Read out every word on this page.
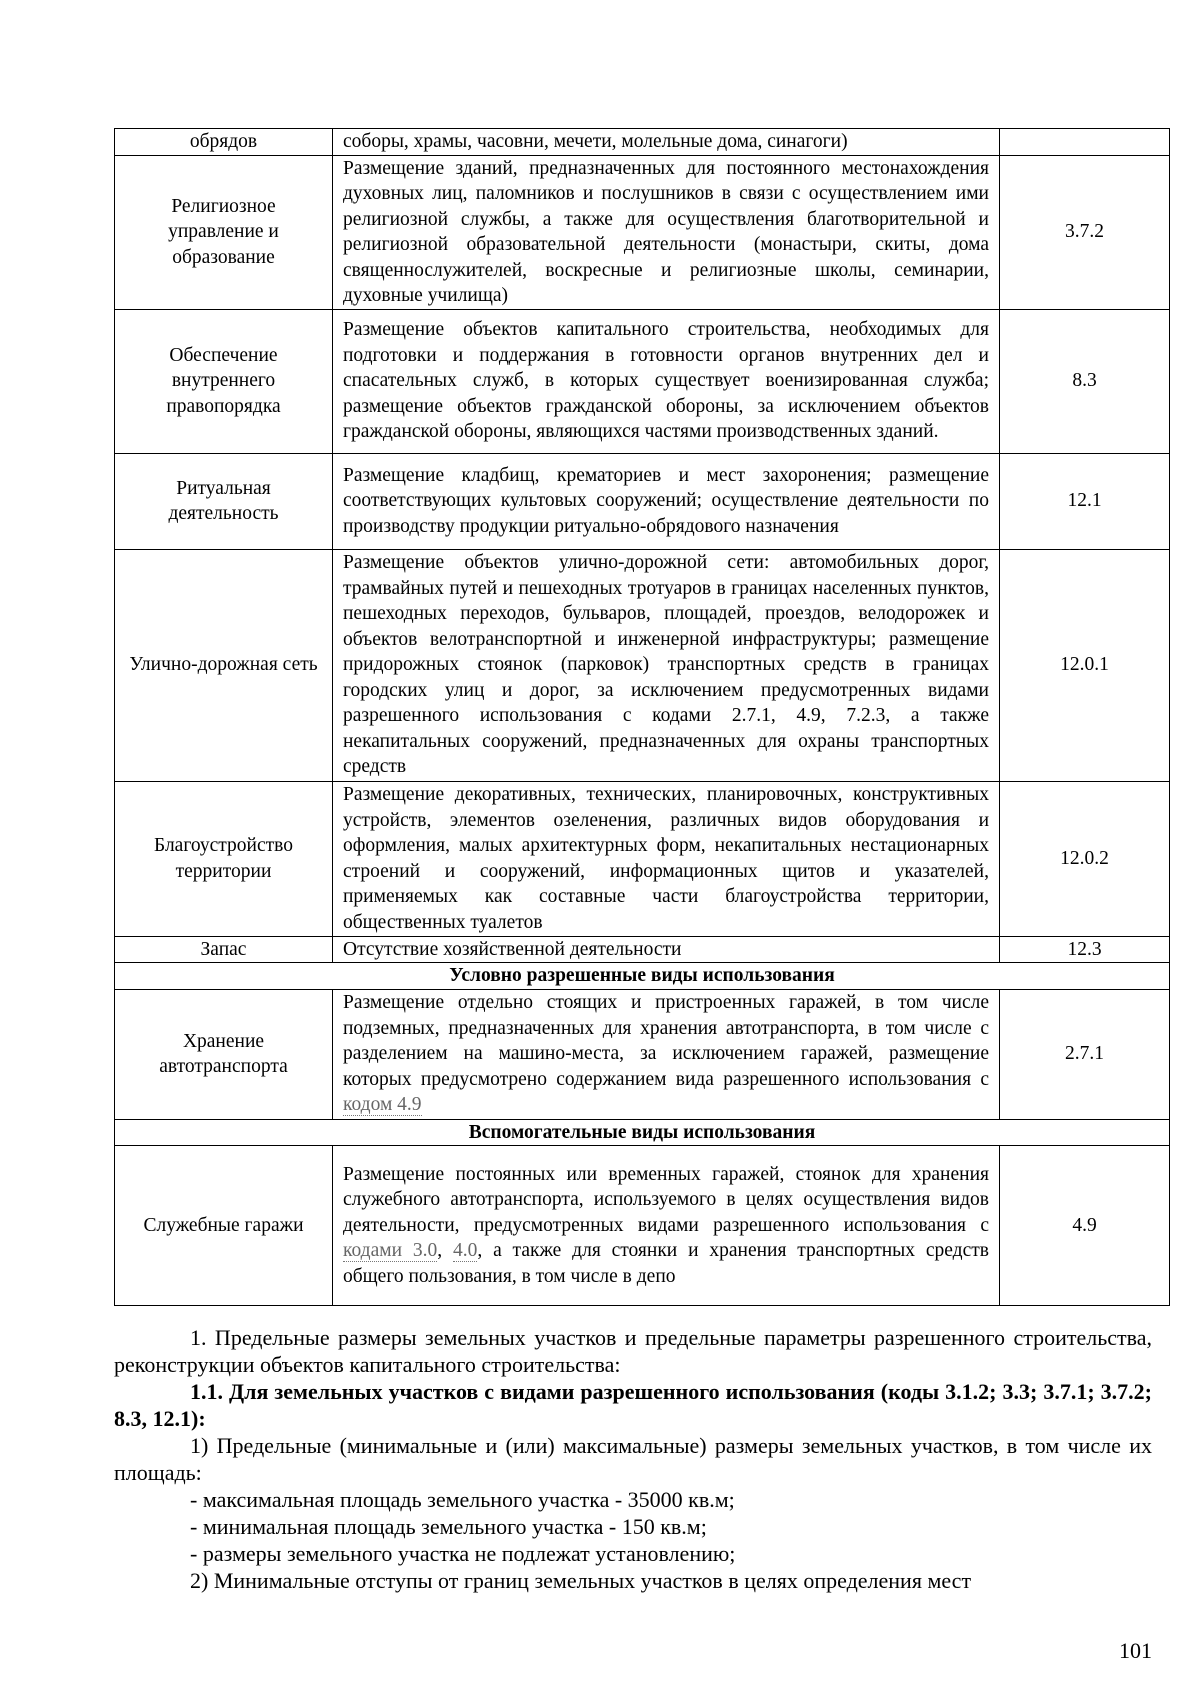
обрядов	соборы, храмы, часовни, мечети, молельные дома, синагоги)	
Религиозное управление и образование	Размещение зданий, предназначенных для постоянного местонахождения духовных лиц, паломников и послушников в связи с осуществлением ими религиозной службы, а также для осуществления благотворительной и религиозной образовательной деятельности (монастыри, скиты, дома священнослужителей, воскресные и религиозные школы, семинарии, духовные училища)	3.7.2
Обеспечение внутреннего правопорядка	Размещение объектов капитального строительства, необходимых для подготовки и поддержания в готовности органов внутренних дел и спасательных служб, в которых существует военизированная служба; размещение объектов гражданской обороны, за исключением объектов гражданской обороны, являющихся частями производственных зданий.	8.3
Ритуальная деятельность	Размещение кладбищ, крематориев и мест захоронения; размещение соответствующих культовых сооружений; осуществление деятельности по производству продукции ритуально-обрядового назначения	12.1
Улично-дорожная сеть	Размещение объектов улично-дорожной сети: автомобильных дорог, трамвайных путей и пешеходных тротуаров в границах населенных пунктов, пешеходных переходов, бульваров, площадей, проездов, велодорожек и объектов велотранспортной и инженерной инфраструктуры; размещение придорожных стоянок (парковок) транспортных средств в границах городских улиц и дорог, за исключением предусмотренных видами разрешенного использования с кодами 2.7.1, 4.9, 7.2.3, а также некапитальных сооружений, предназначенных для охраны транспортных средств	12.0.1
Благоустройство территории	Размещение декоративных, технических, планировочных, конструктивных устройств, элементов озеленения, различных видов оборудования и оформления, малых архитектурных форм, некапитальных нестационарных строений и сооружений, информационных щитов и указателей, применяемых как составные части благоустройства территории, общественных туалетов	12.0.2
Запас	Отсутствие хозяйственной деятельности	12.3
Условно разрешенные виды использования		
Хранение автотранспорта	Размещение отдельно стоящих и пристроенных гаражей, в том числе подземных, предназначенных для хранения автотранспорта, в том числе с разделением на машино-места, за исключением гаражей, размещение которых предусмотрено содержанием вида разрешенного использования с кодом 4.9	2.7.1
Вспомогательные виды использования		
Служебные гаражи	Размещение постоянных или временных гаражей, стоянок для хранения служебного автотранспорта, используемого в целях осуществления видов деятельности, предусмотренных видами разрешенного использования с кодами 3.0, 4.0, а также для стоянки и хранения транспортных средств общего пользования, в том числе в депо	4.9

1. Предельные размеры земельных участков и предельные параметры разрешенного строительства, реконструкции объектов капитального строительства:

1.1. Для земельных участков с видами разрешенного использования (коды 3.1.2; 3.3; 3.7.1; 3.7.2; 8.3, 12.1):

1) Предельные (минимальные и (или) максимальные) размеры земельных участков, в том числе их площадь:

- максимальная площадь земельного участка - 35000 кв.м;

- минимальная площадь земельного участка - 150 кв.м;

- размеры земельного участка не подлежат установлению;

2) Минимальные отступы от границ земельных участков в целях определения мест

101
